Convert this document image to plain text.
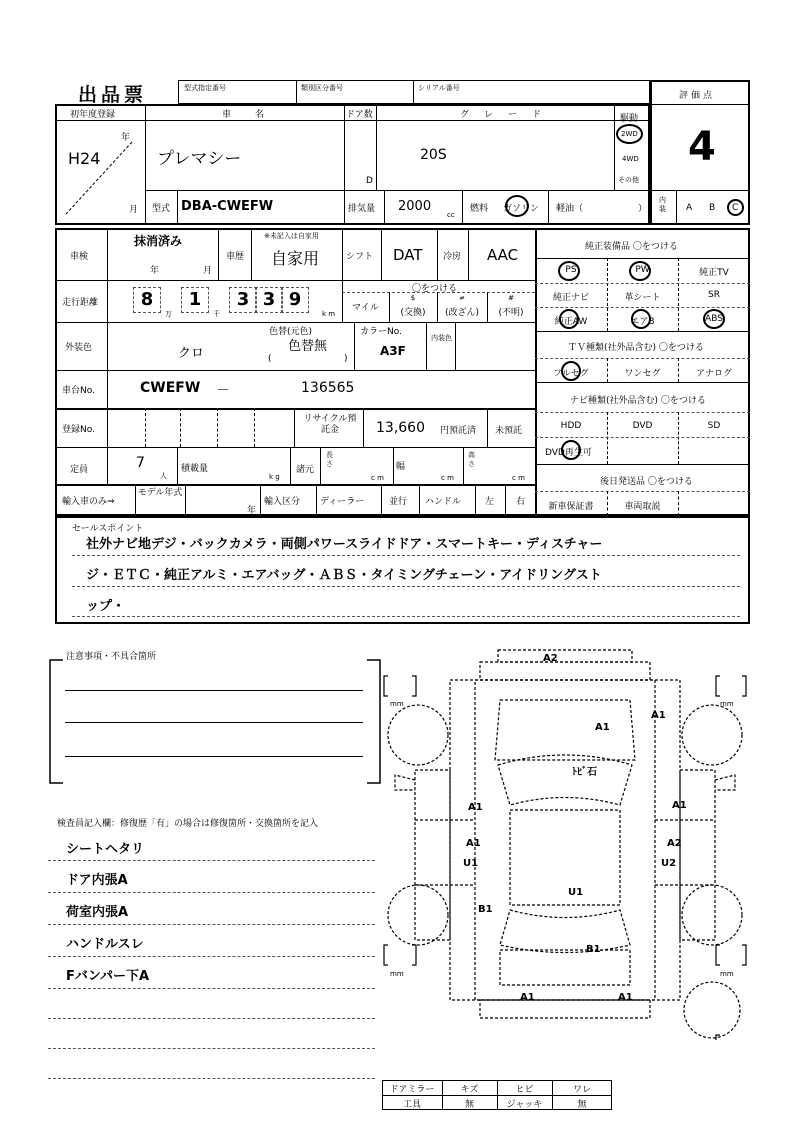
出品票	型式指定番号	類別区分番号	シリアル番号
評価点
4
内装	A B C
初年度登録
年
月
H24
車　　名
プレマシー
ドア数
D
グ　レ　ー　ド
20S
駆動
2WD
4WD
その他
型式 DBA-CWEFW	排気量 2000
cc
燃料 ガソリン 軽油（	）
車検
抹消済み
年	月
車歴
※未記入は自家用
自家用	シフト DAT 冷房 AAC
走行距離	8
万
1
千
3 3 9
k m
〇をつける
マイル
$
(交換)
≠
(改ざん)
#
(不明)
外装色	クロ
色替(元色)
色替無
(	)
カラーNo.
A3F
内装色
車台No.	CWEFW －	136565
登録No.
リサイクル預託金	13,660 円預託済 未預託
定員	7
人
積載量
k g
諸元
長さ
c m
幅
c m
高さ
c m
輸入車のみ⇒
モデル年式
年
輸入区分 ディーラー	並行 ハンドル	左 右
純正装備品 〇をつける
PS	PW	純正TV
純正ナビ	革シート	SR
純正AW	エアB	ABS
ＴＶ種類(社外品含む) 〇をつける
フルセグ	ワンセグ	アナログ
ナビ種類(社外品含む) 〇をつける
HDD	DVD	SD
DVD再生可
後日発送品 〇をつける
新車保証書	車両取説
セールスポイント
社外ナビ地デジ・バックカメラ・両側パワースライドドア・スマートキー・ディスチャー
ジ・ＥＴＣ・純正アルミ・エアバッグ・ＡＢＳ・タイミングチェーン・アイドリングスト
ップ・
注意事項・不具合箇所
検査員記入欄：修復歴「有」の場合は修復箇所・交換箇所を記入
シートヘタリ
ドア内張A
荷室内張A
ハンドルスレ
Fバンパー下A
mm	mm
mm	mm
A2
A1
A1
ﾄﾋﾞ石
A1	A1
A1
U1
A2
U2
U1
B1
B1
A1	A1
ドアミラー	キズ	ヒビ	ワレ
工具	無	ジャッキ	無
